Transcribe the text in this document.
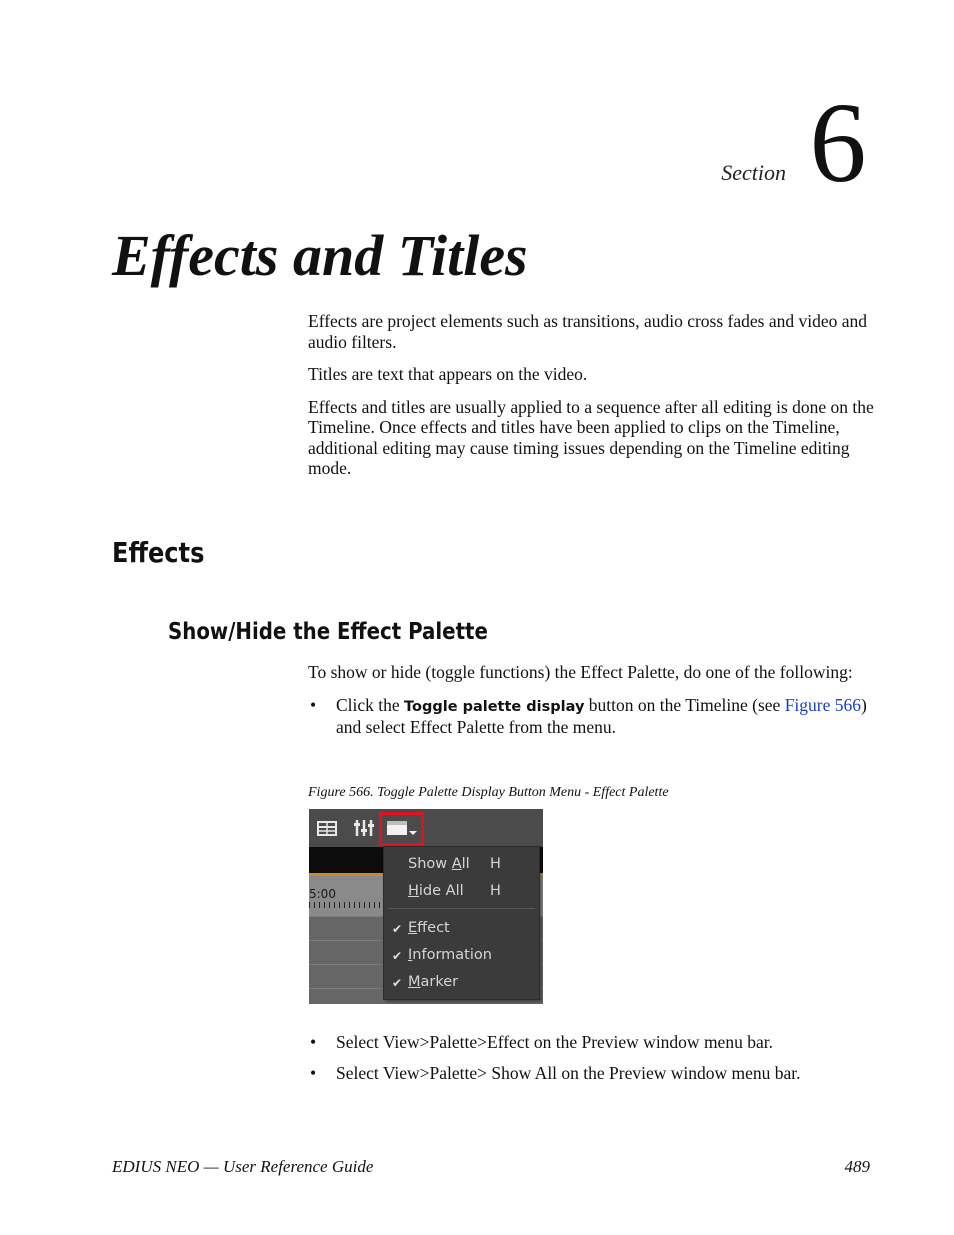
Section 6
Effects and Titles

Effects are project elements such as transitions, audio cross fades and video and audio filters.

Titles are text that appears on the video.

Effects and titles are usually applied to a sequence after all editing is done on the Timeline. Once effects and titles have been applied to clips on the Timeline, additional editing may cause timing issues depending on the Timeline editing mode.

Effects
Show/Hide the Effect Palette

To show or hide (toggle functions) the Effect Palette, do one of the following:

• Click the Toggle palette display button on the Timeline (see Figure 566) and select Effect Palette from the menu.
Figure 566. Toggle Palette Display Button Menu - Effect Palette
5:00
Show All H
Hide All H
✔ Effect
✔ Information
✔ Marker
• Select View>Palette>Effect on the Preview window menu bar.
• Select View>Palette> Show All on the Preview window menu bar.
EDIUS NEO — User Reference Guide	489
